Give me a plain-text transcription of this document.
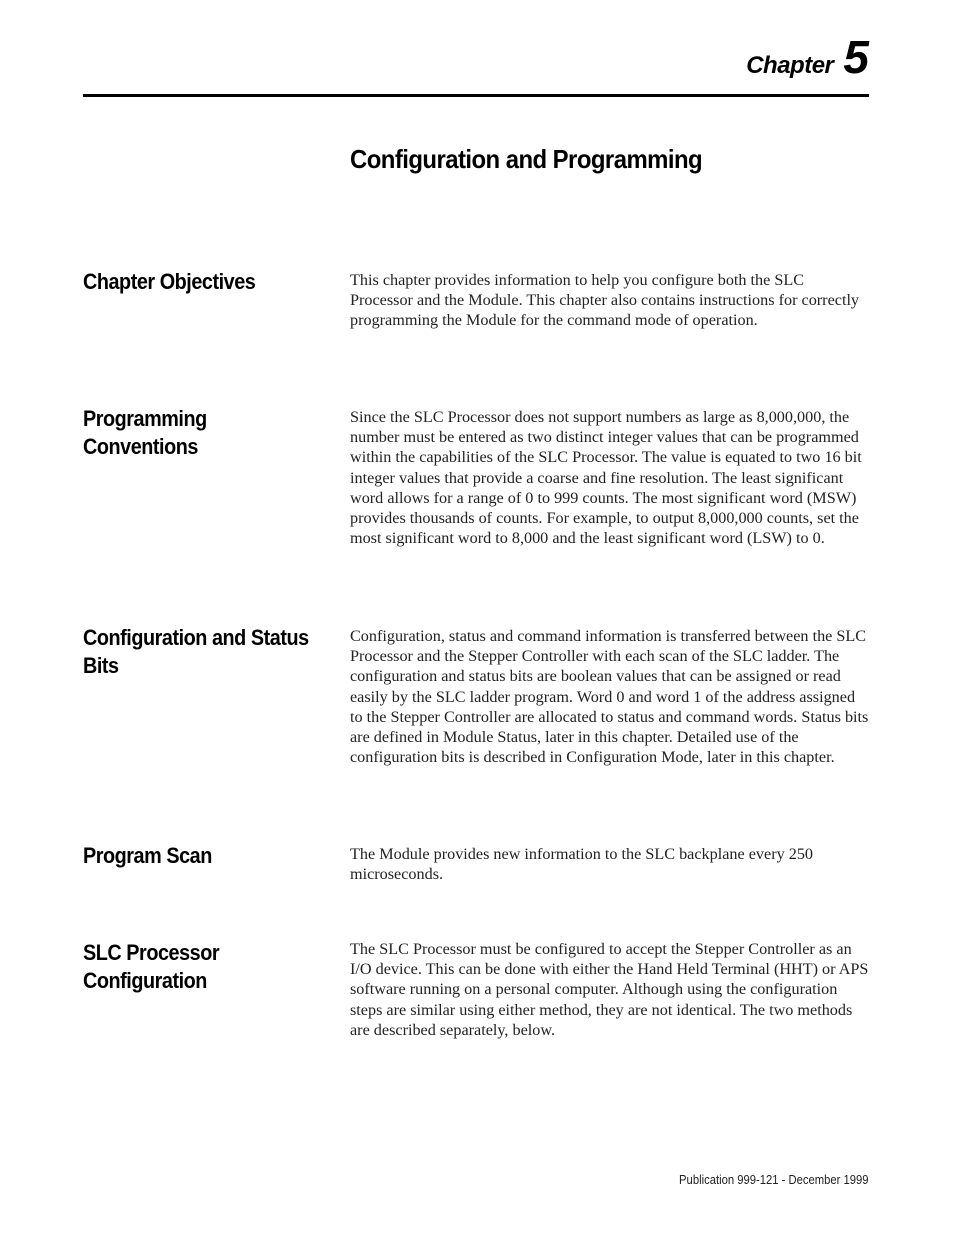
Chapter 5
Configuration and Programming
Chapter Objectives	This chapter provides information to help you configure both the SLC Processor and the Module. This chapter also contains instructions for correctly programming the Module for the command mode of operation.

Programming Conventions

Since the SLC Processor does not support numbers as large as 8,000,000, the number must be entered as two distinct integer values that can be programmed within the capabilities of the SLC Processor. The value is equated to two 16 bit integer values that provide a coarse and fine resolution. The least significant word allows for a range of 0 to 999 counts. The most significant word (MSW) provides thousands of counts. For example, to output 8,000,000 counts, set the most significant word to 8,000 and the least significant word (LSW) to 0.

Configuration and Status Bits

Configuration, status and command information is transferred between the SLC Processor and the Stepper Controller with each scan of the SLC ladder. The configuration and status bits are boolean values that can be assigned or read easily by the SLC ladder program. Word 0 and word 1 of the address assigned to the Stepper Controller are allocated to status and command words. Status bits are defined in Module Status, later in this chapter. Detailed use of the configuration bits is described in Configuration Mode, later in this chapter.

Program Scan	The Module provides new information to the SLC backplane every 250 microseconds.

SLC Processor Configuration

The SLC Processor must be configured to accept the Stepper Controller as an I/O device. This can be done with either the Hand Held Terminal (HHT) or APS software running on a personal computer. Although using the configuration steps are similar using either method, they are not identical. The two methods are described separately, below.

Publication 999-121 - December 1999
